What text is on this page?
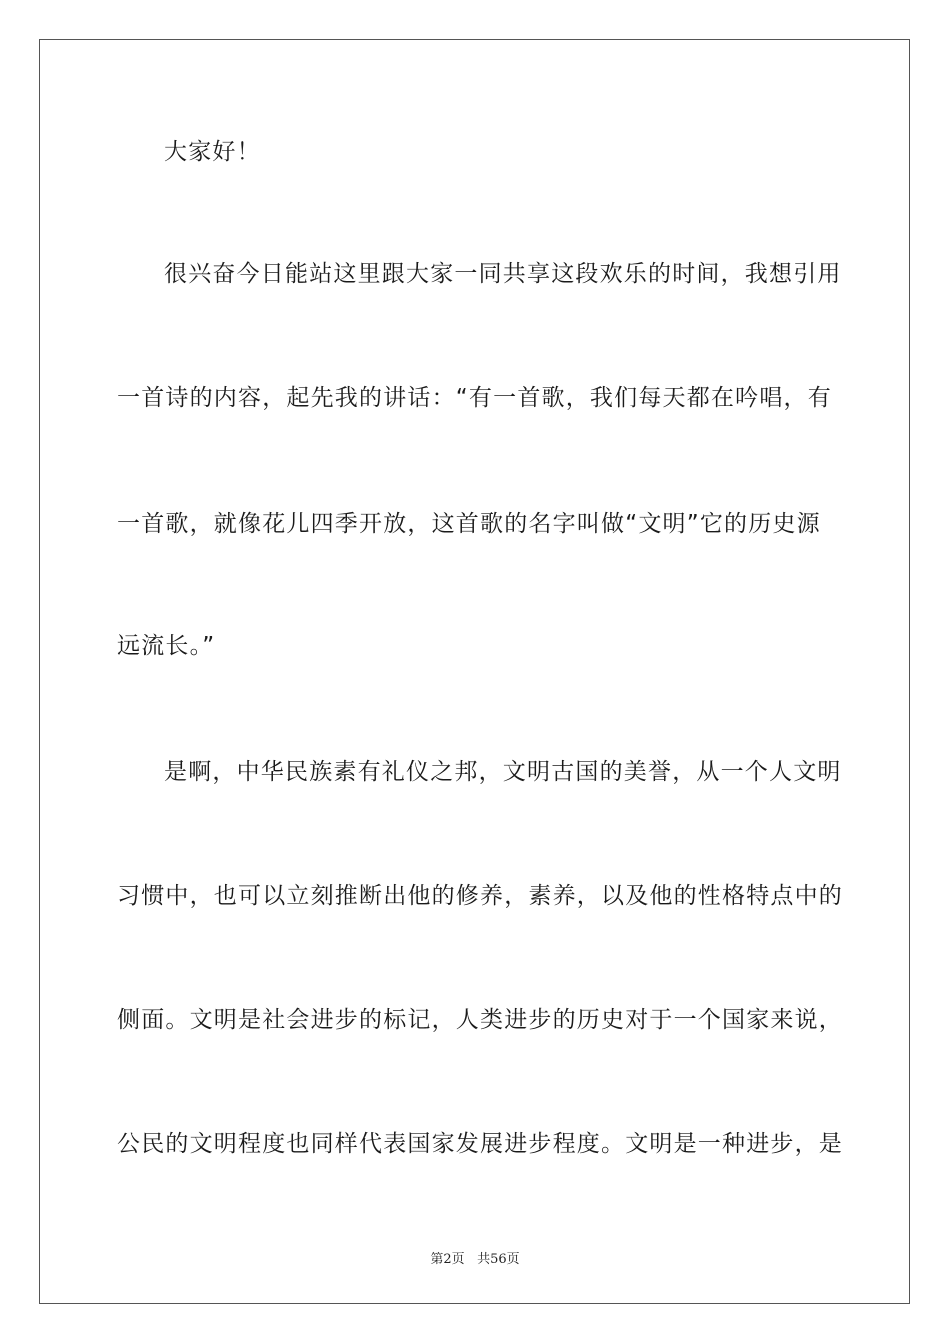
大家好！
很兴奋今日能站这里跟大家一同共享这段欢乐的时间，我想引用
一首诗的内容，起先我的讲话：“有一首歌，我们每天都在吟唱，有
一首歌，就像花儿四季开放，这首歌的名字叫做“文明”它的历史源
远流长。”
是啊，中华民族素有礼仪之邦，文明古国的美誉，从一个人文明
习惯中，也可以立刻推断出他的修养，素养，以及他的性格特点中的
侧面。文明是社会进步的标记，人类进步的历史对于一个国家来说，
公民的文明程度也同样代表国家发展进步程度。文明是一种进步，是
第2页 共56页
